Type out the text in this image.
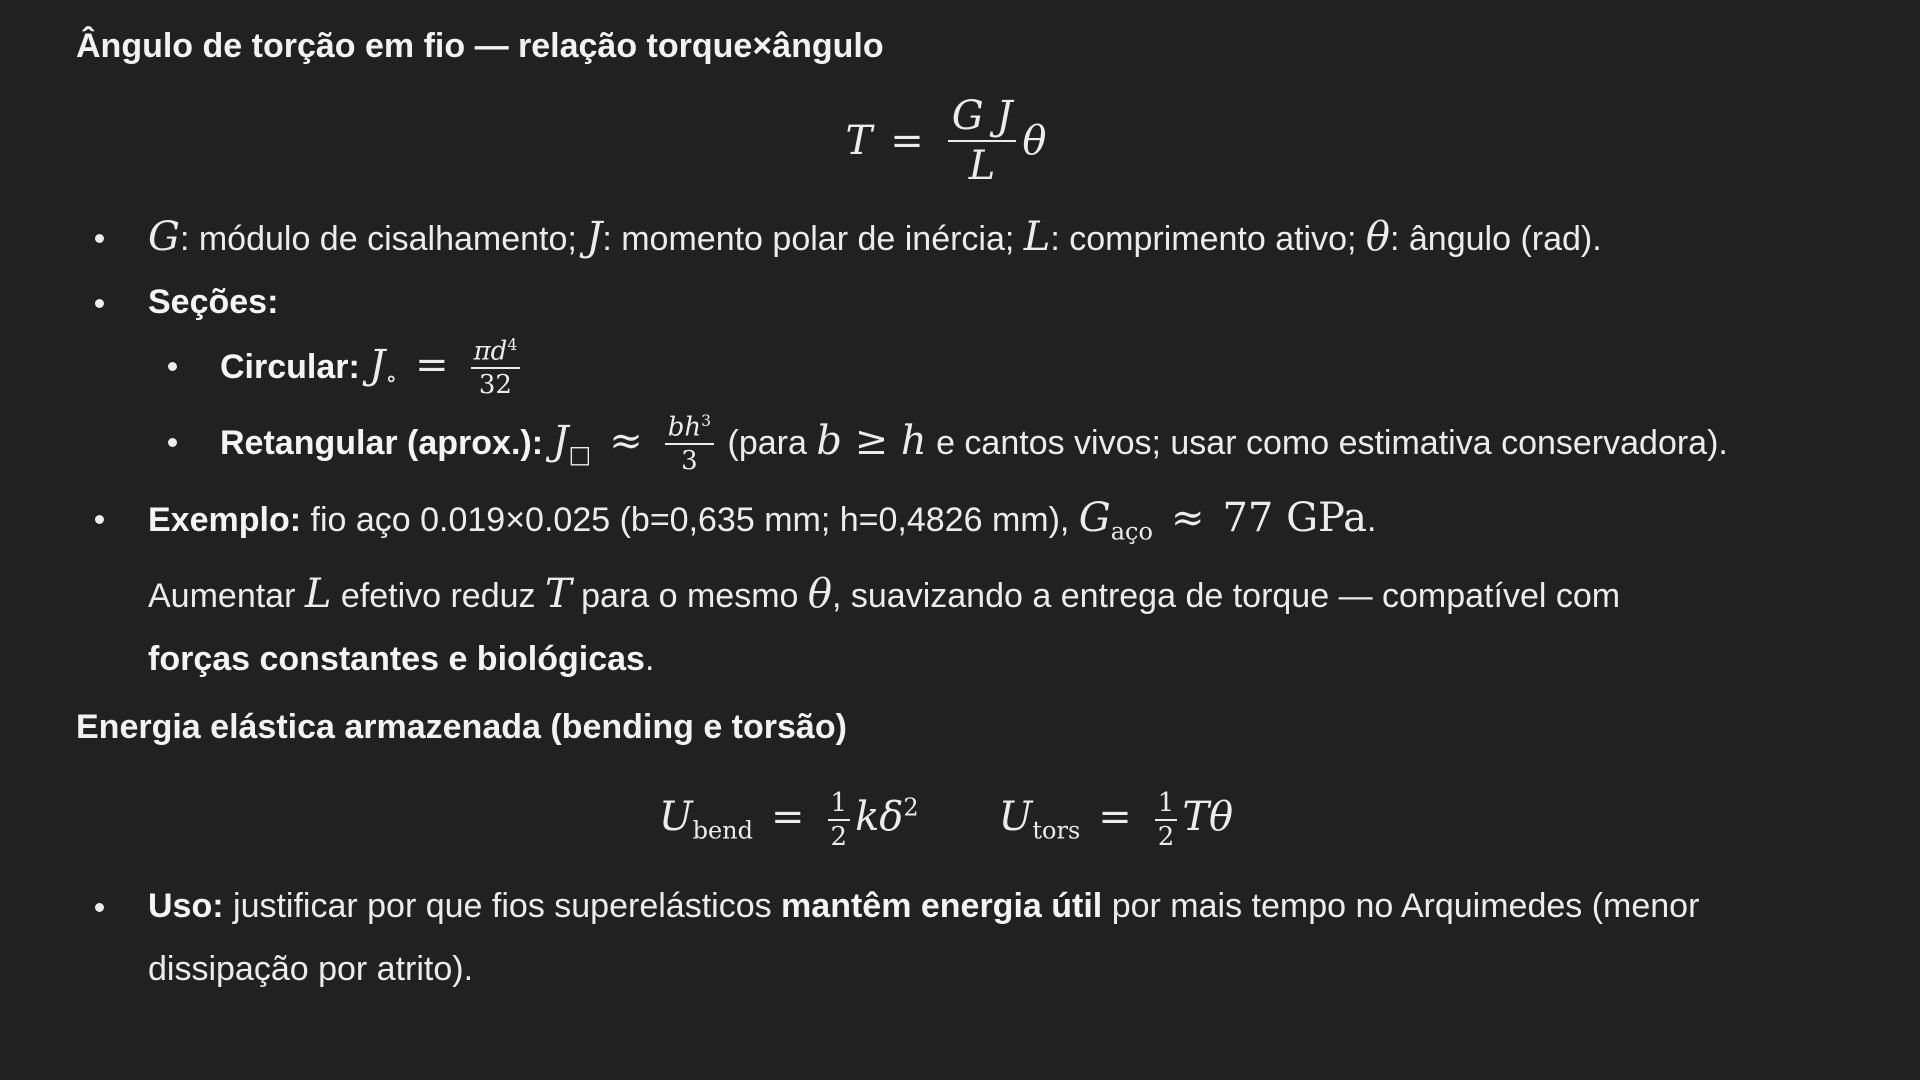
Ângulo de torção em fio — relação torque×ângulo

$T = \frac{\text{G J}}{L}$ θ
G: módulo de cisalhamento; J: momento polar de inércia; L: comprimento ativo; θ: ângulo (rad).
Seções:
Circular: $J_\circ = \frac{\pi d^4}{32}$
Retangular (aprox.): $J_□ \approx \frac{bh^3}{3}$ (para b ≥ h e cantos vivos; usar como estimativa conservadora).
Exemplo: fio aço 0.019×0.025 (b=0,635 mm; h=0,4826 mm), $G_{aço} \approx 77$ GPa.
Aumentar L efetivo reduz T para o mesmo θ, suavizando a entrega de torque — compatível com
forças constantes e biológicas.

Energia elástica armazenada (bending e torsão)

$U_{bend} = \frac{1}{2} k\delta^2$ $U_{tors} = \frac{1}{2}$ Tθ
Uso: justificar por que fios superelásticos mantêm energia útil por mais tempo no Arquimedes (menor
dissipação por atrito).
